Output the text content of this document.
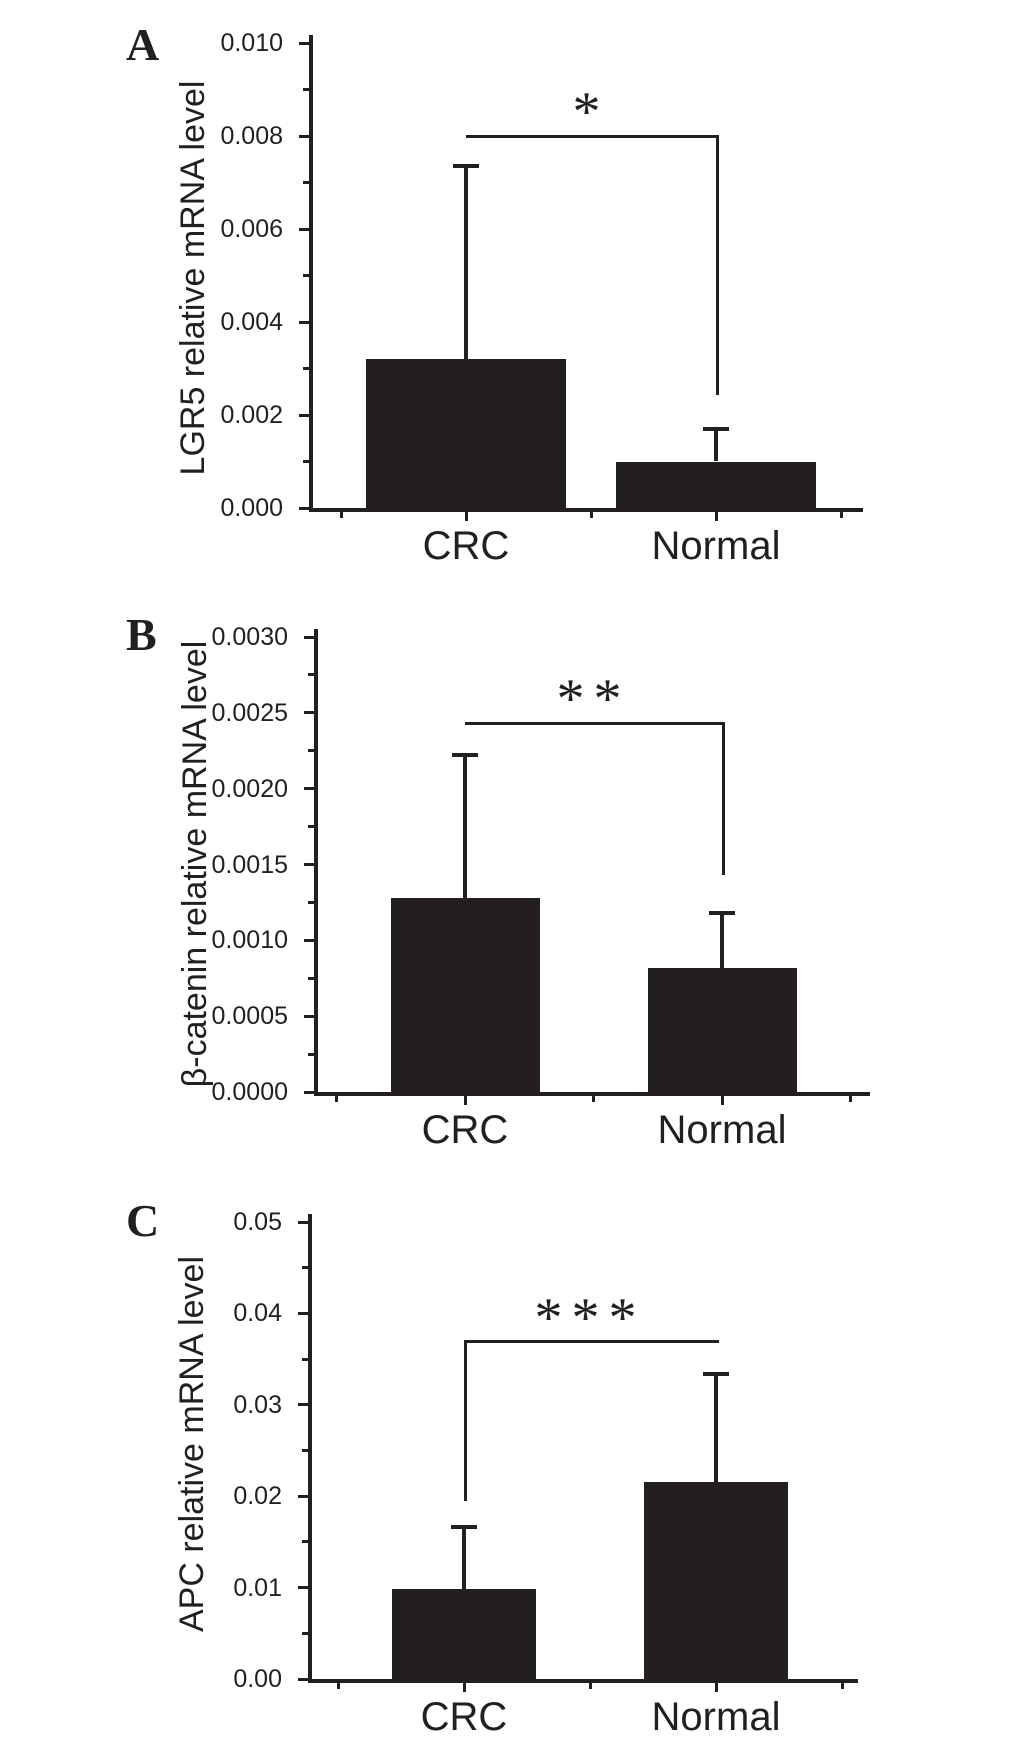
A
LGR5 relative mRNA level
0.000
0.002
0.004
0.006
0.008
0.010
CRC	Normal
*
B
β-catenin relative mRNA level
0.0000
0.0005
0.0010
0.0015
0.0020
0.0025
0.0030
CRC	Normal
**
C
APC relative mRNA level
0.00
0.01
0.02
0.03
0.04
0.05
CRC	Normal
***
